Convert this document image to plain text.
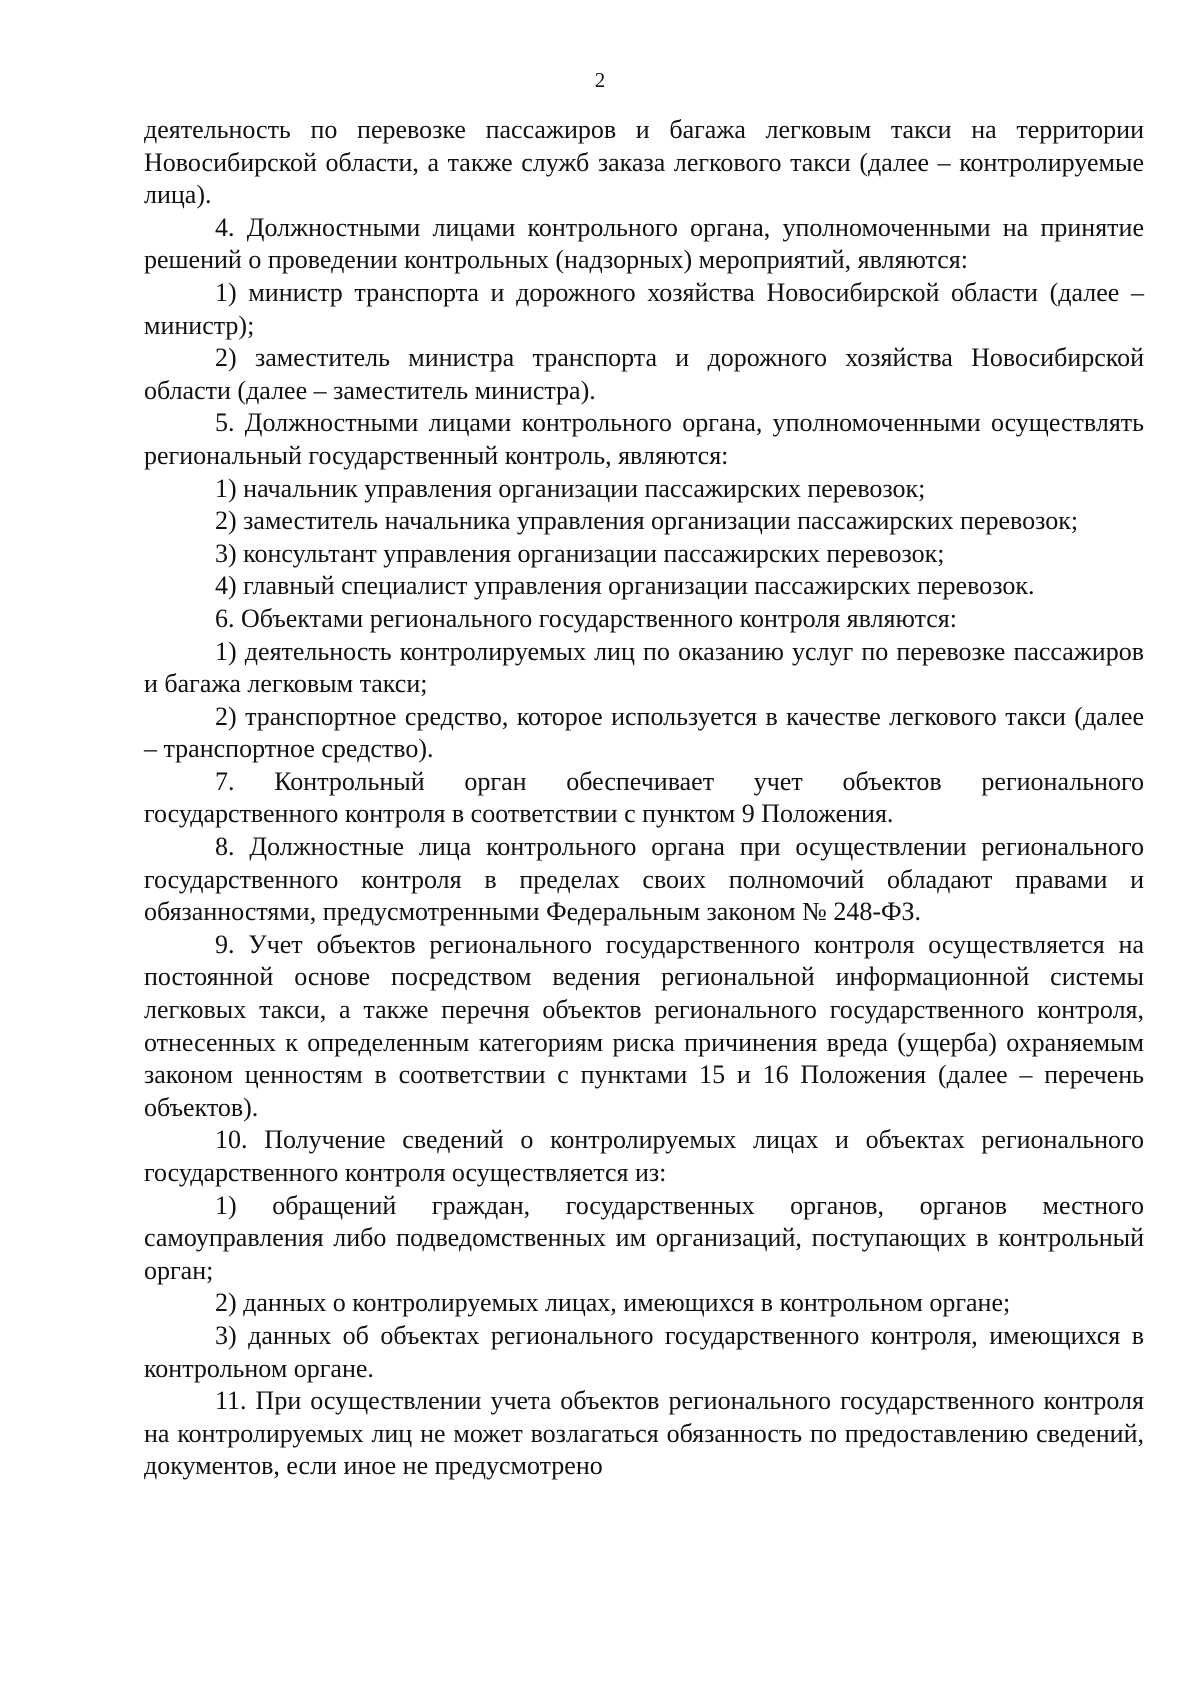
2

деятельность по перевозке пассажиров и багажа легковым такси на территории Новосибирской области, а также служб заказа легкового такси (далее – контролируемые лица).

4. Должностными лицами контрольного органа, уполномоченными на принятие решений о проведении контрольных (надзорных) мероприятий, являются:

1) министр транспорта и дорожного хозяйства Новосибирской области (далее – министр);

2) заместитель министра транспорта и дорожного хозяйства Новосибирской области (далее – заместитель министра).

5. Должностными лицами контрольного органа, уполномоченными осуществлять региональный государственный контроль, являются:

1) начальник управления организации пассажирских перевозок;

2) заместитель начальника управления организации пассажирских перевозок;

3) консультант управления организации пассажирских перевозок;

4) главный специалист управления организации пассажирских перевозок.

6. Объектами регионального государственного контроля являются:

1) деятельность контролируемых лиц по оказанию услуг по перевозке пассажиров и багажа легковым такси;

2) транспортное средство, которое используется в качестве легкового такси (далее – транспортное средство).

7. Контрольный орган обеспечивает учет объектов регионального государственного контроля в соответствии с пунктом 9 Положения.

8. Должностные лица контрольного органа при осуществлении регионального государственного контроля в пределах своих полномочий обладают правами и обязанностями, предусмотренными Федеральным законом № 248-ФЗ.

9. Учет объектов регионального государственного контроля осуществляется на постоянной основе посредством ведения региональной информационной системы легковых такси, а также перечня объектов регионального государственного контроля, отнесенных к определенным категориям риска причинения вреда (ущерба) охраняемым законом ценностям в соответствии с пунктами 15 и 16 Положения (далее – перечень объектов).

10. Получение сведений о контролируемых лицах и объектах регионального государственного контроля осуществляется из:

1) обращений граждан, государственных органов, органов местного самоуправления либо подведомственных им организаций, поступающих в контрольный орган;

2) данных о контролируемых лицах, имеющихся в контрольном органе;

3) данных об объектах регионального государственного контроля, имеющихся в контрольном органе.

11. При осуществлении учета объектов регионального государственного контроля на контролируемых лиц не может возлагаться обязанность по предоставлению сведений, документов, если иное не предусмотрено
